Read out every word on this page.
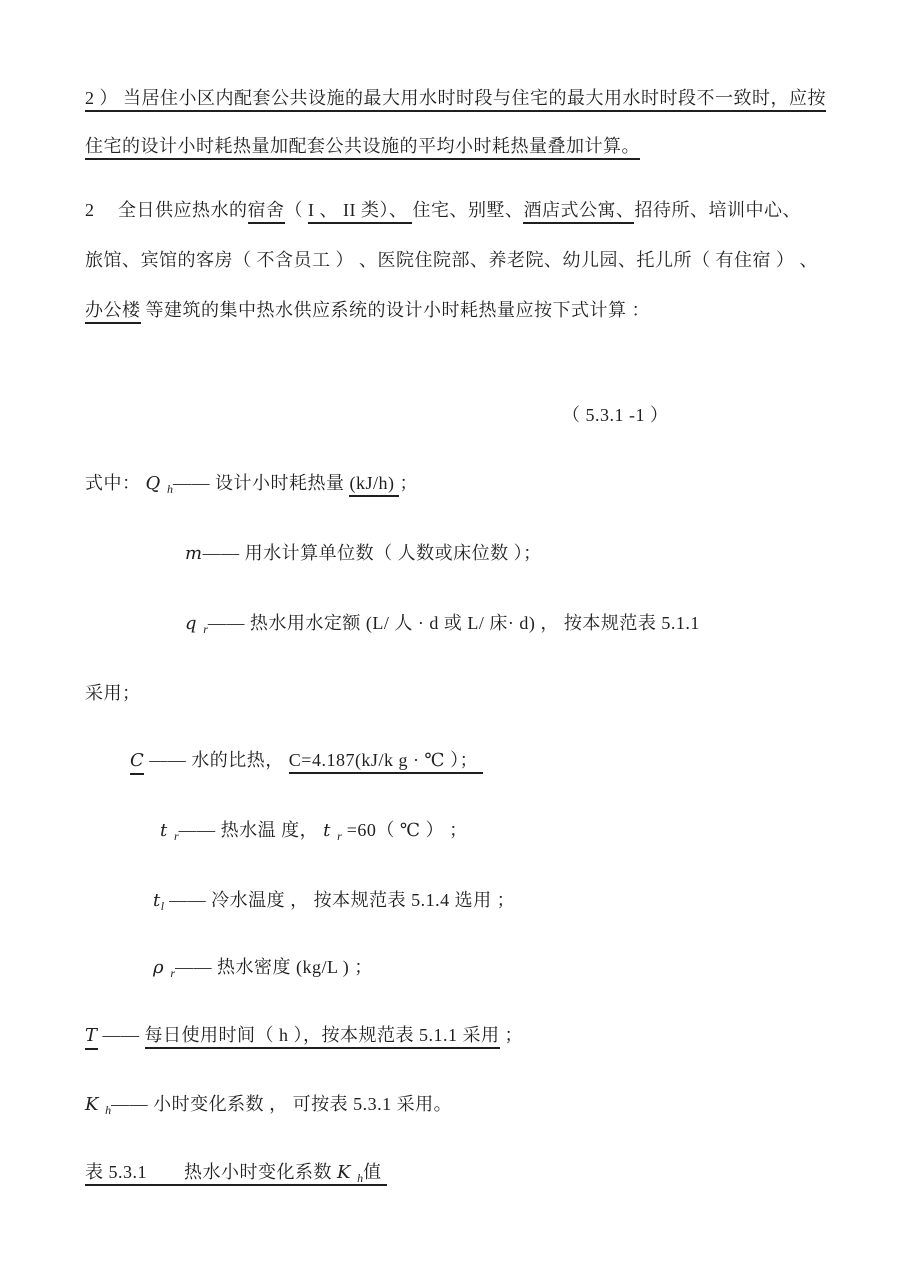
2 ） 当居住小区内配套公共设施的最大用水时时段与住宅的最大用水时时段不一致时，应按
住宅的设计小时耗热量加配套公共设施的平均小时耗热量叠加计算。
2　 全日供应热水的宿舍（ I 、 II 类）、 住宅、别墅、酒店式公寓、招待所、培训中心、
旅馆、宾馆的客房（ 不含员工 ） 、医院住院部、养老院、幼儿园、托儿所（ 有住宿 ） 、
办公楼 等建筑的集中热水供应系统的设计小时耗热量应按下式计算 ：
（ 5.3.1 -1 ）
式中： Q $_h$—— 设计小时耗热量 (kJ/h) ；
m—— 用水计算单位数（ 人数或床位数 ）；
q $_r$—— 热水用水定额 (L/ 人 · d 或 L/ 床· d) ， 按本规范表 5.1.1
采用；
C —— 水的比热， C=4.187(kJ/k g · ℃ ）；
t $_r$—— 热水温 度， t $_r$ =60（ ℃ ） ；
$t_l$ —— 冷水温度 ， 按本规范表 5.1.4 选用 ；
ρ $_r$—— 热水密度 (kg/L ) ；
T —— 每日使用时间（ h ），按本规范表 5.1.1 采用 ；
K $_h$—— 小时变化系数 ， 可按表 5.3.1 采用。
表 5.3.1　　热水小时变化系数 K $_h$值
